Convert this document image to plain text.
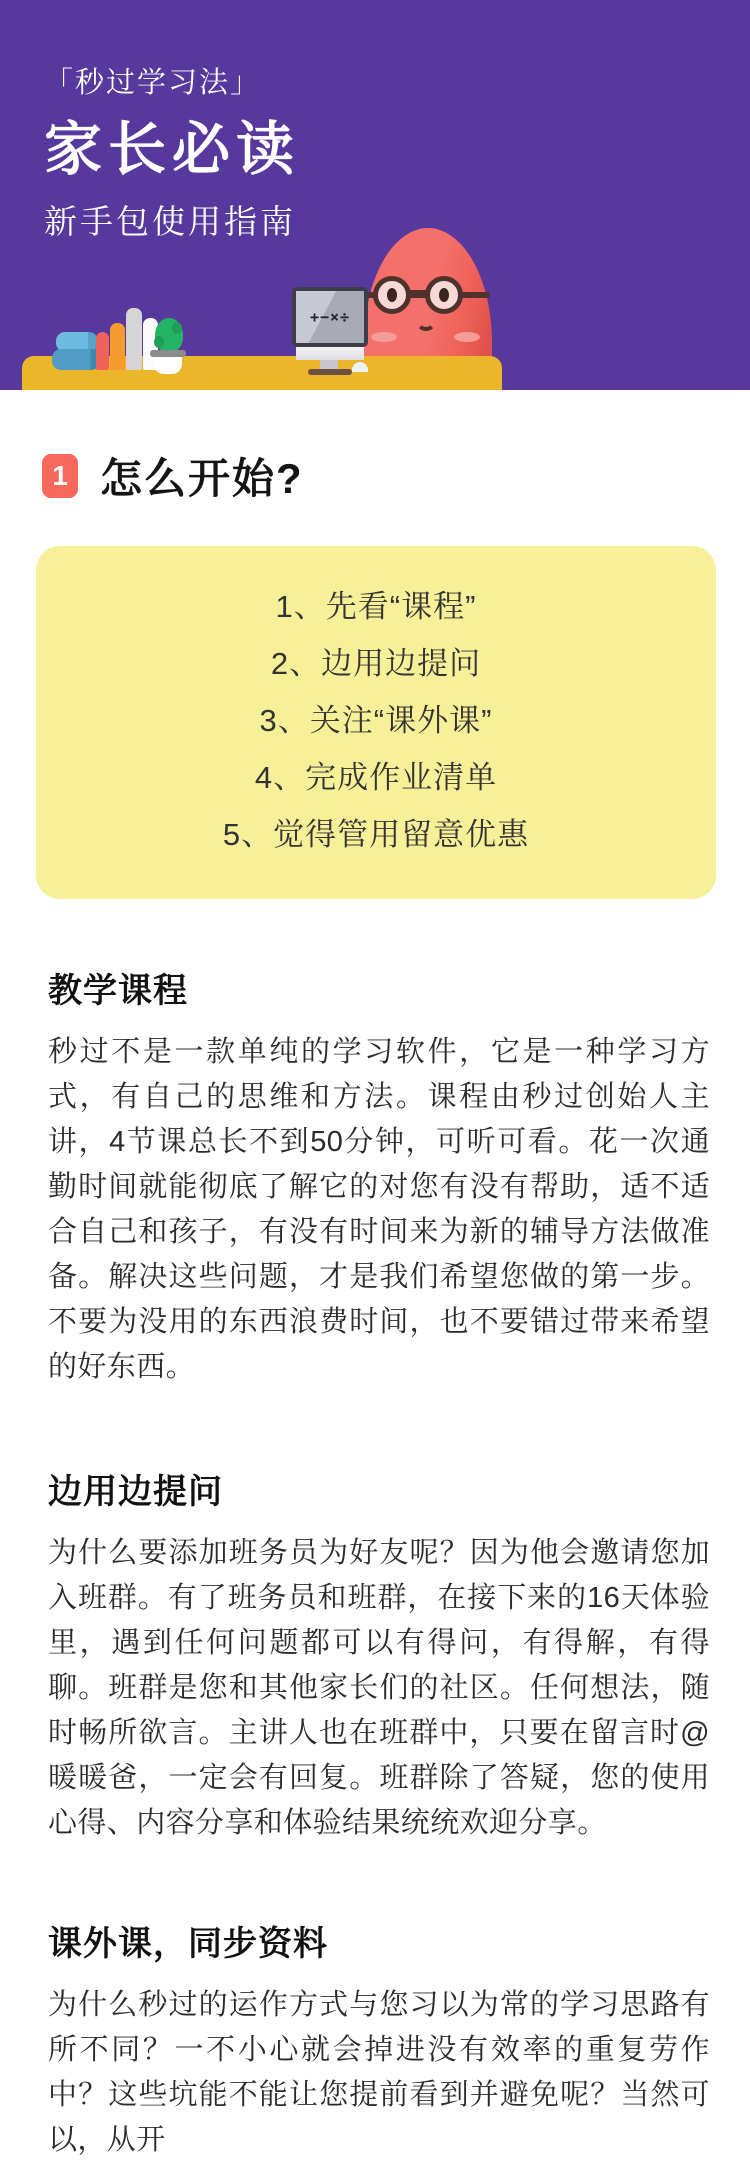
「秒过学习法」
家长必读
新手包使用指南
+−×÷
1 怎么开始?
1、先看“课程”
2、边用边提问
3、关注“课外课”
4、完成作业清单
5、觉得管用留意优惠
教学课程

秒过不是一款单纯的学习软件，它是一种学习方式，有自己的思维和方法。课程由秒过创始人主讲，4节课总长不到50分钟，可听可看。花一次通勤时间就能彻底了解它的对您有没有帮助，适不适合自己和孩子，有没有时间来为新的辅导方法做准备。解决这些问题，才是我们希望您做的第一步。不要为没用的东西浪费时间，也不要错过带来希望的好东西。

边用边提问

为什么要添加班务员为好友呢？因为他会邀请您加入班群。有了班务员和班群，在接下来的16天体验里，遇到任何问题都可以有得问，有得解，有得聊。班群是您和其他家长们的社区。任何想法，随时畅所欲言。主讲人也在班群中，只要在留言时@暖暖爸，一定会有回复。班群除了答疑，您的使用心得、内容分享和体验结果统统欢迎分享。

课外课，同步资料

为什么秒过的运作方式与您习以为常的学习思路有所不同？一不小心就会掉进没有效率的重复劳作中？这些坑能不能让您提前看到并避免呢？当然可以，从开
